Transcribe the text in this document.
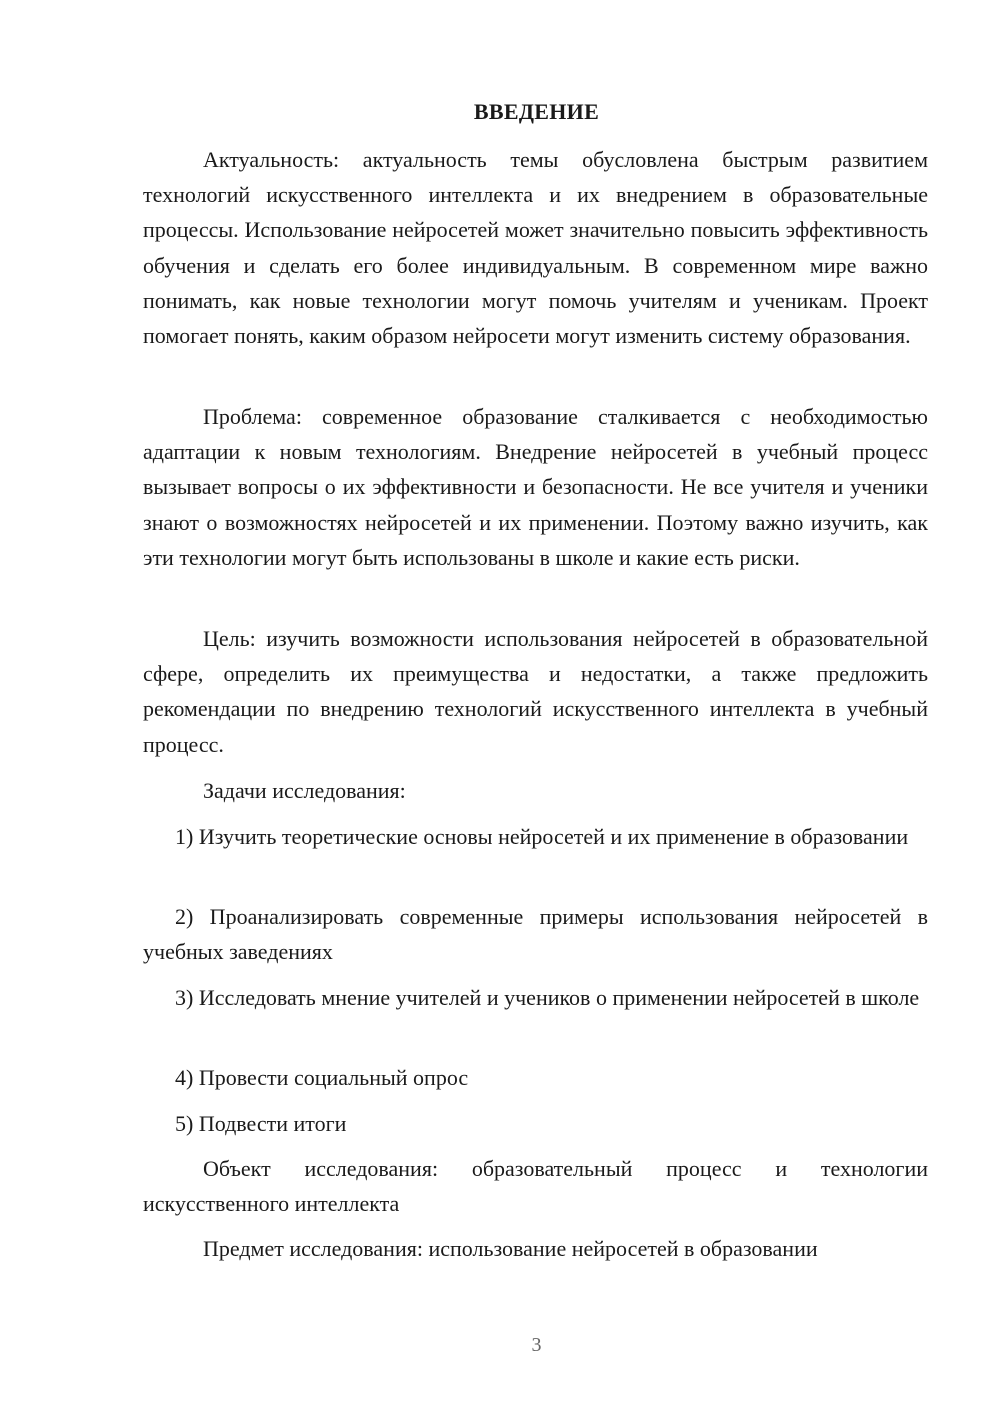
ВВЕДЕНИЕ

Актуальность: актуальность темы обусловлена быстрым развитием технологий искусственного интеллекта и их внедрением в образовательные процессы. Использование нейросетей может значительно повысить эффективность обучения и сделать его более индивидуальным. В современном мире важно понимать, как новые технологии могут помочь учителям и ученикам. Проект помогает понять, каким образом нейросети могут изменить систему образования.

Проблема: современное образование сталкивается с необходимостью адаптации к новым технологиям. Внедрение нейросетей в учебный процесс вызывает вопросы о их эффективности и безопасности. Не все учителя и ученики знают о возможностях нейросетей и их применении. Поэтому важно изучить, как эти технологии могут быть использованы в школе и какие есть риски.

Цель: изучить возможности использования нейросетей в образовательной сфере, определить их преимущества и недостатки, а также предложить рекомендации по внедрению технологий искусственного интеллекта в учебный процесс.

Задачи исследования:

1) Изучить теоретические основы нейросетей и их применение в образовании

2) Проанализировать современные примеры использования нейросетей в учебных заведениях

3) Исследовать мнение учителей и учеников о применении нейросетей в школе

4) Провести социальный опрос

5) Подвести итоги

Объект исследования: образовательный процесс и технологии искусственного интеллекта

Предмет исследования: использование нейросетей в образовании

3
